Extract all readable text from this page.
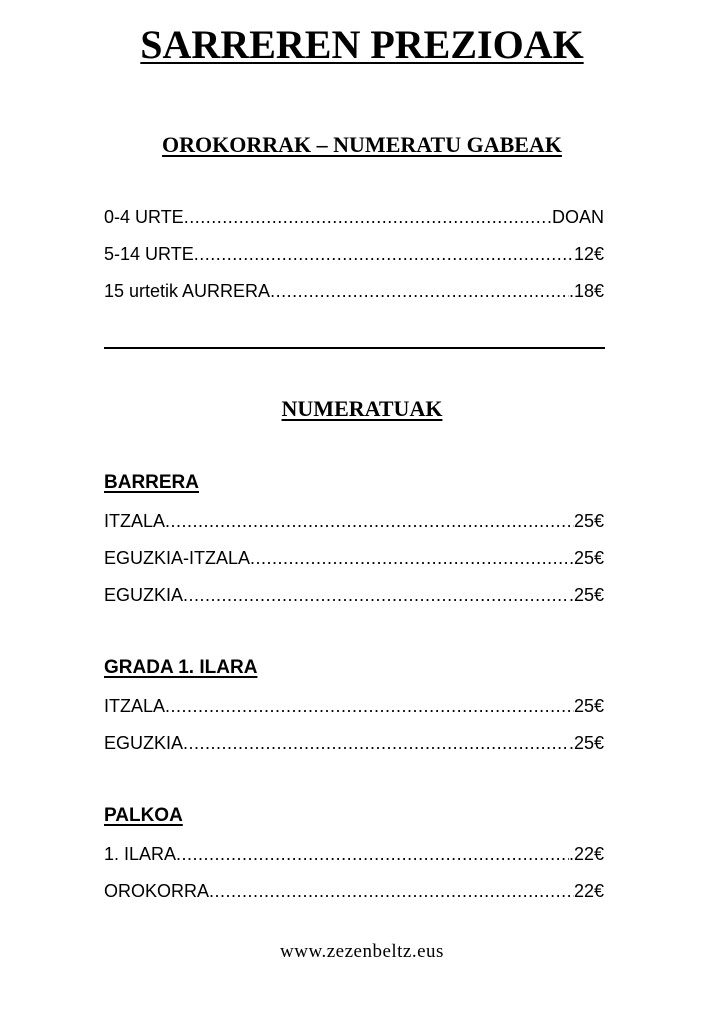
SARREREN PREZIOAK
OROKORRAK – NUMERATU GABEAK
0-4 URTE .....	.DOAN
5-14 URTE .....	12€
15 urtetik AURRERA .....	.18€
NUMERATUAK
BARRERA
ITZALA .....	25€
EGUZKIA-ITZALA .....	25€
EGUZKIA .....	.25€
GRADA 1. ILARA
ITZALA .....	25€
EGUZKIA .....	.25€
PALKOA
1. ILARA .....	.22€
OROKORRA .....	22€

www.zezenbeltz.eus
